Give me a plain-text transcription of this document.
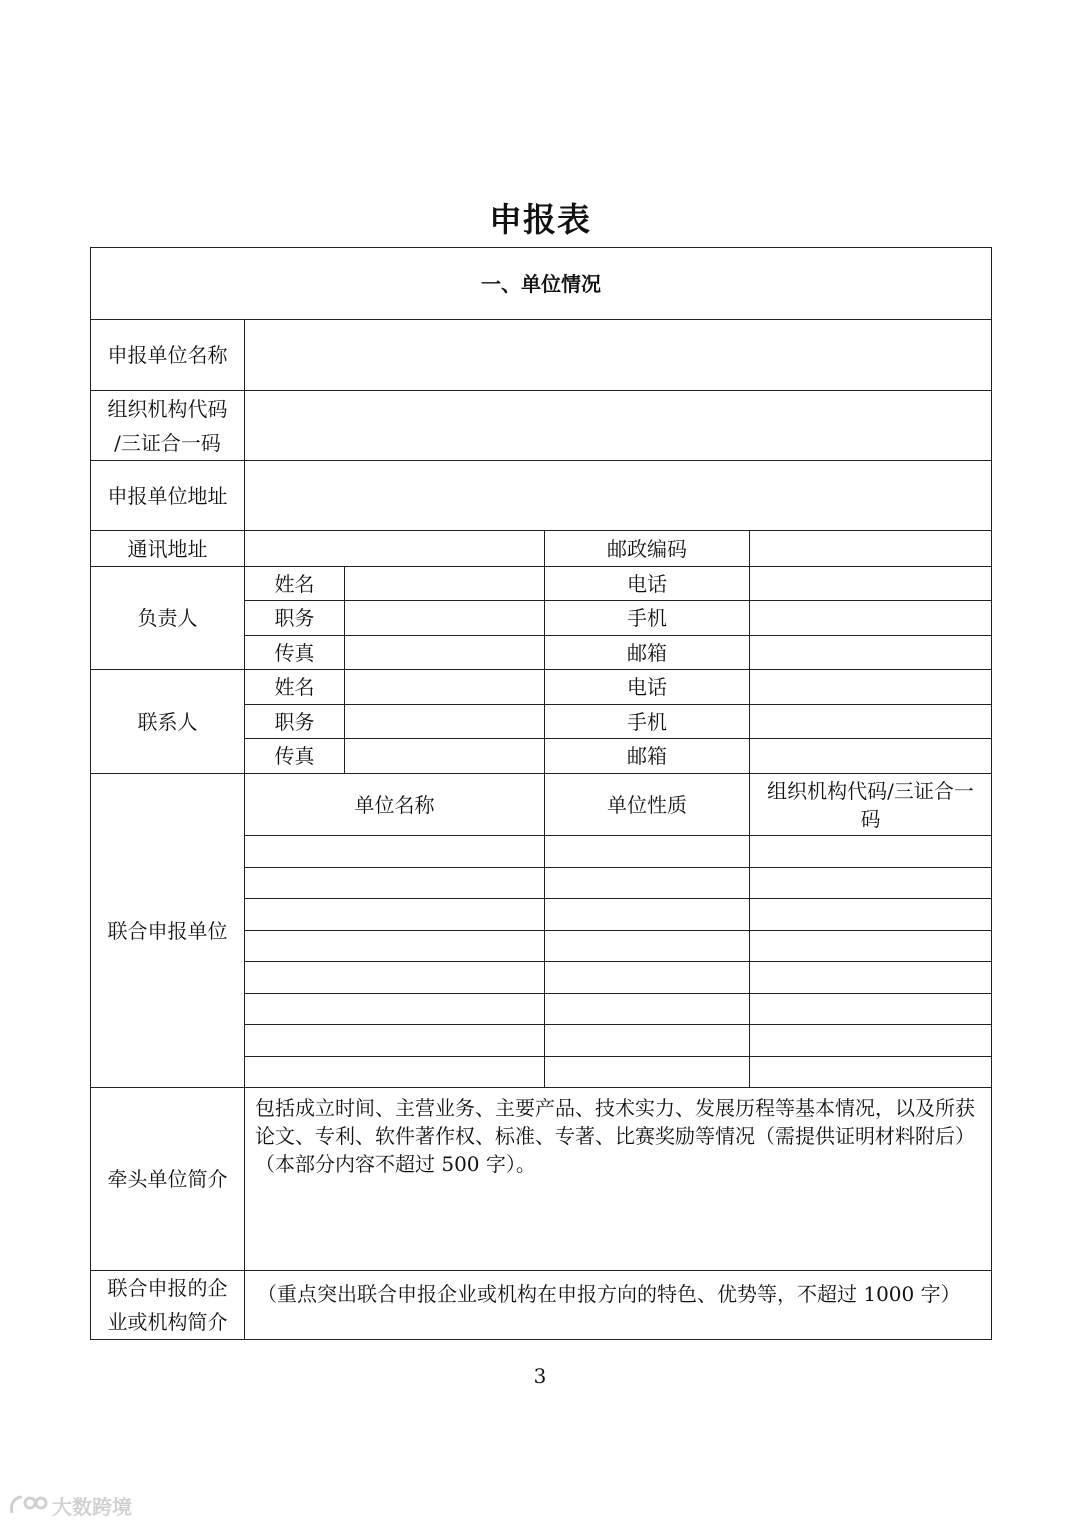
申报表
一、单位情况				
申报单位名称				

组织机构代码
/三证合一码				

申报单位地址				
通讯地址			邮政编码	
负责人	姓名		电话	
	职务		手机	
	传真		邮箱	
联系人	姓名		电话	
	职务		手机	
	传真		邮箱	
联合申报单位	单位名称		单位性质	组织机构代码/三证合一码

牵头单位简介	包括成立时间、主营业务、主要产品、技术实力、发展历程等基本情况，以及所获论文、专利、软件著作权、标准、专著、比赛奖励等情况（需提供证明材料附后）（本部分内容不超过 500 字）。			

联合申报的企
业或机构简介	（重点突出联合申报企业或机构在申报方向的特色、优势等，不超过 1000 字）			
3
大数跨境
